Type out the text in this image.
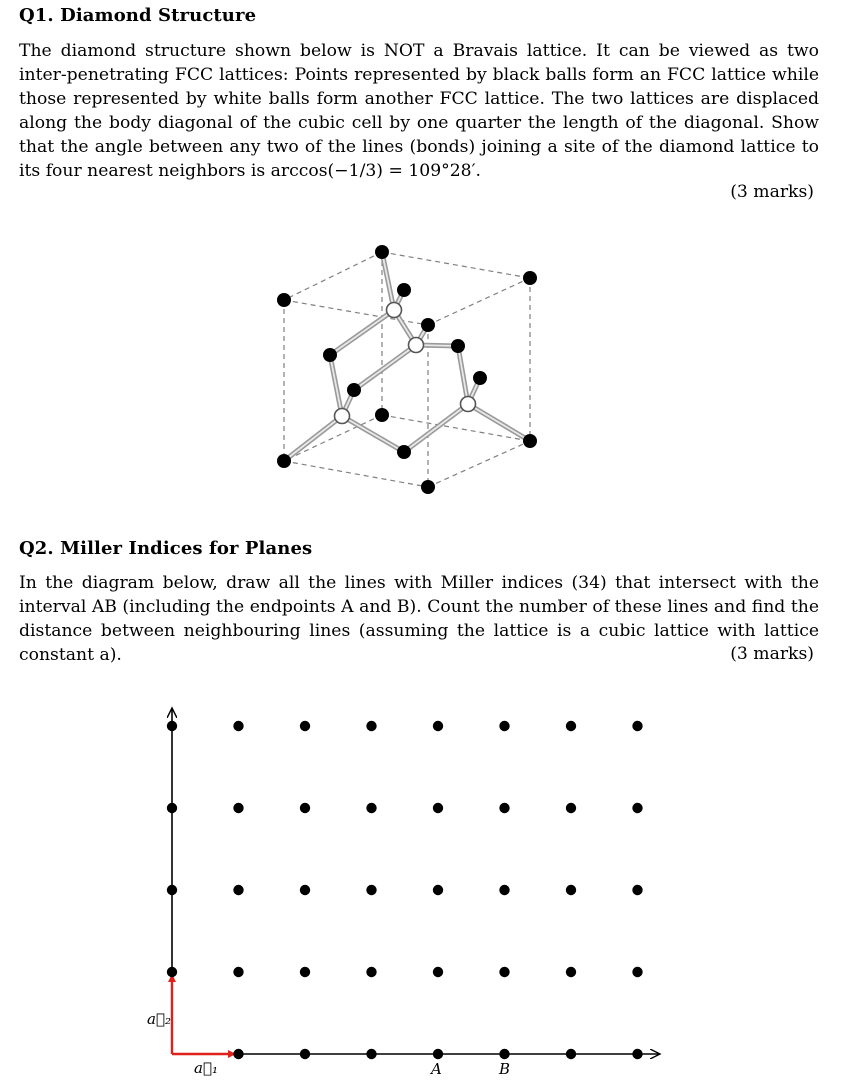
Q1. Diamond Structure

The diamond structure shown below is NOT a Bravais lattice. It can be viewed as two inter-penetrating FCC lattices: Points represented by black balls form an FCC lattice while those represented by white balls form another FCC lattice. The two lattices are displaced along the body diagonal of the cubic cell by one quarter the length of the diagonal. Show that the angle between any two of the lines (bonds) joining a site of the diamond lattice to its four nearest neighbors is arccos(−1/3) = 109°28′.

(3 marks)

Q2. Miller Indices for Planes

In the diagram below, draw all the lines with Miller indices (34) that intersect with the interval AB (including the endpoints A and B). Count the number of these lines and find the distance between neighbouring lines (assuming the lattice is a cubic lattice with lattice constant a).	(3 marks)

a⃗₂
a⃗₁	A	B
